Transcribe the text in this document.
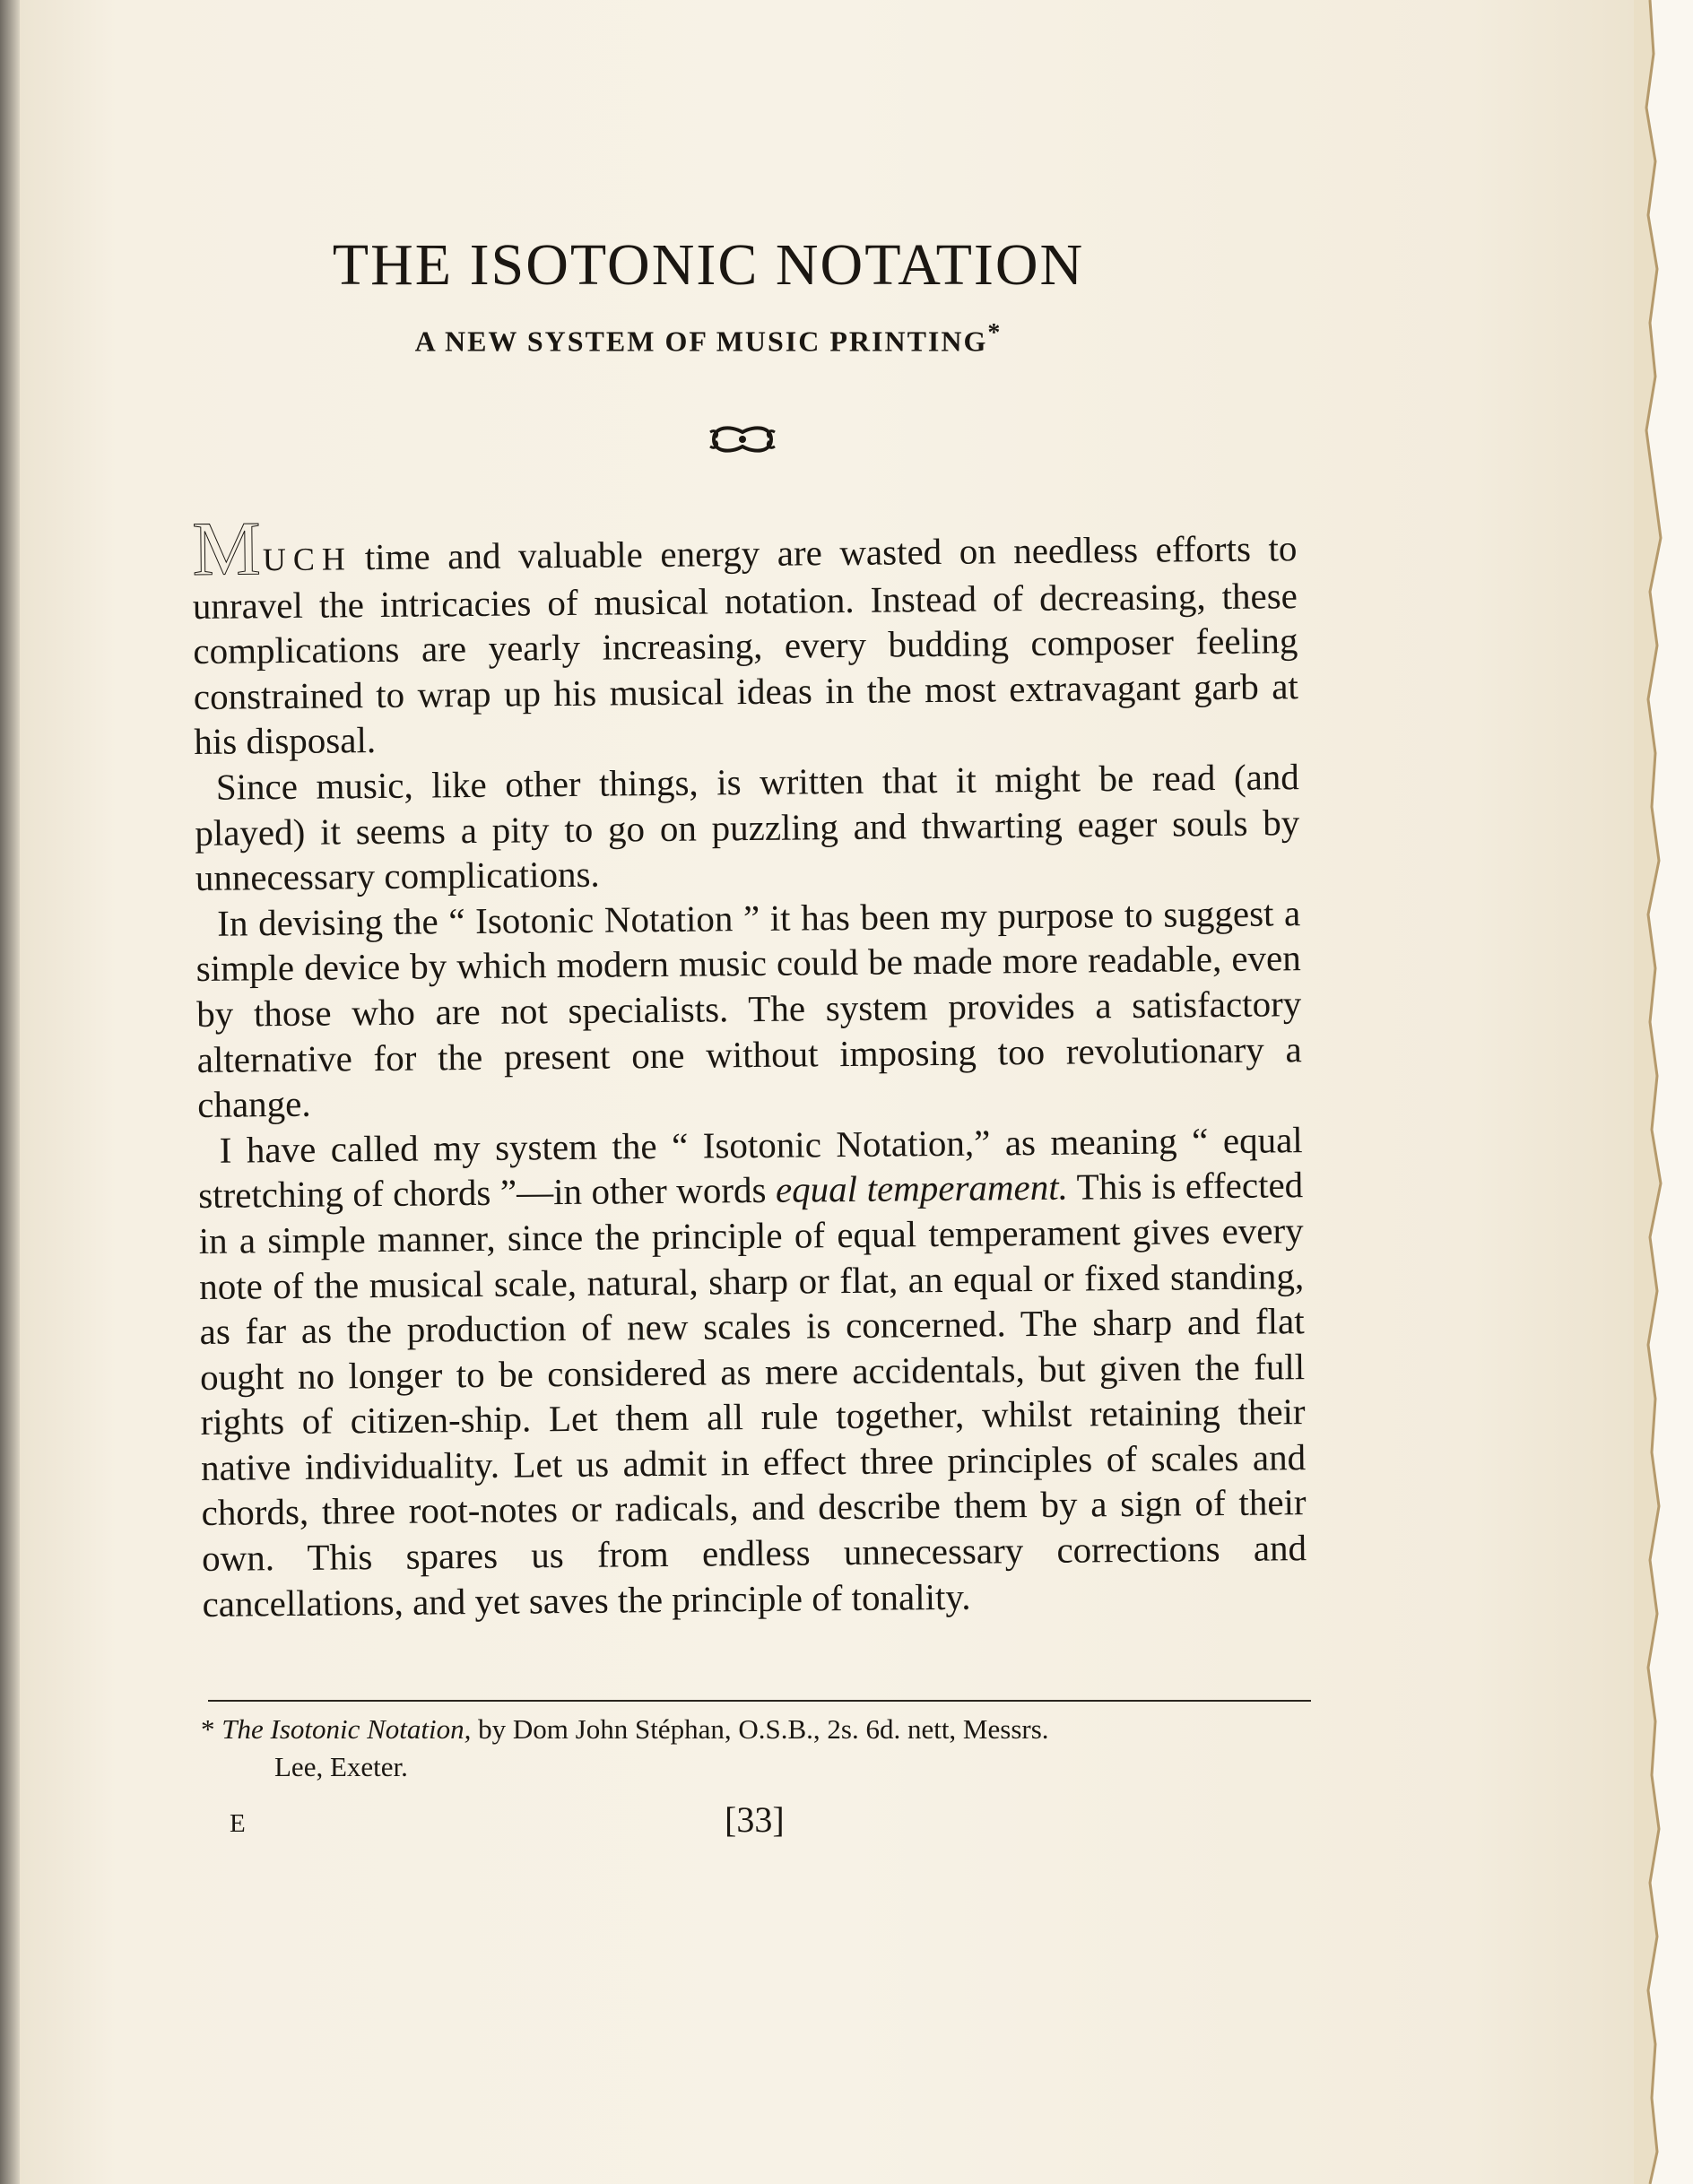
THE ISOTONIC NOTATION
A NEW SYSTEM OF MUSIC PRINTING*

MUCH time and valuable energy are wasted on needless efforts to unravel the intricacies of musical notation. Instead of decreasing, these complications are yearly increasing, every budding composer feeling constrained to wrap up his musical ideas in the most extravagant garb at his disposal.

Since music, like other things, is written that it might be read (and played) it seems a pity to go on puzzling and thwarting eager souls by unnecessary complications.

In devising the “ Isotonic Notation ” it has been my purpose to suggest a simple device by which modern music could be made more readable, even by those who are not specialists. The system provides a satisfactory alternative for the present one without imposing too revolutionary a change.

I have called my system the “ Isotonic Notation,” as meaning “ equal stretching of chords ”—in other words equal temperament. This is effected in a simple manner, since the principle of equal temperament gives every note of the musical scale, natural, sharp or flat, an equal or fixed standing, as far as the production of new scales is concerned. The sharp and flat ought no longer to be considered as mere accidentals, but given the full rights of citizen-ship. Let them all rule together, whilst retaining their native individuality. Let us admit in effect three principles of scales and chords, three root-notes or radicals, and describe them by a sign of their own. This spares us from endless unnecessary corrections and cancellations, and yet saves the principle of tonality.

* The Isotonic Notation, by Dom John Stéphan, O.S.B., 2s. 6d. nett, Messrs.
Lee, Exeter.
E	[33]
